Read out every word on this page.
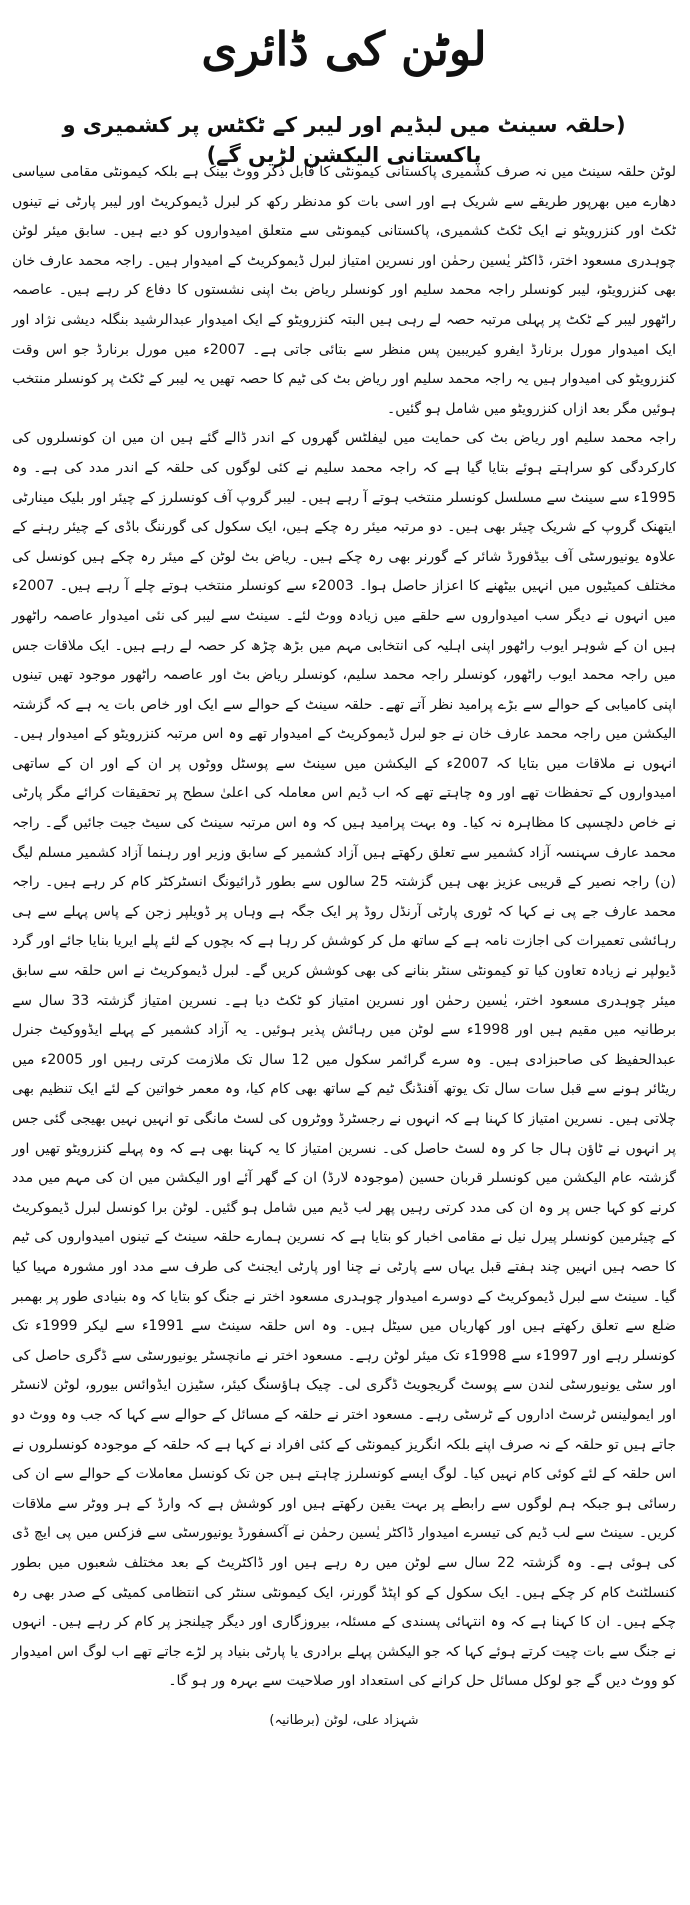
لوٹن کی ڈائری
(حلقہ سینٹ میں لبڈیم اور لیبر کے ٹکٹس پر کشمیری و پاکستانی الیکشن لڑیں گے)

لوٹن حلقہ سینٹ میں نہ صرف کشمیری پاکستانی کیمونٹی کا قابل ذکر ووٹ بینک ہے بلکہ کیمونٹی مقامی سیاسی دھارے میں بھرپور طریقے سے شریک ہے اور اسی بات کو مدنظر رکھ کر لبرل ڈیموکریٹ اور لیبر پارٹی نے تینوں ٹکٹ اور کنزرویٹو نے ایک ٹکٹ کشمیری، پاکستانی کیمونٹی سے متعلق امیدواروں کو دیے ہیں۔ سابق میئر لوٹن چوہدری مسعود اختر، ڈاکٹر یٰسین رحمٰن اور نسرین امتیاز لبرل ڈیموکریٹ کے امیدوار ہیں۔ راجہ محمد عارف خان بھی کنزرویٹو، لیبر کونسلر راجہ محمد سلیم اور کونسلر ریاض بٹ اپنی نشستوں کا دفاع کر رہے ہیں۔ عاصمہ راٹھور لیبر کے ٹکٹ پر پہلی مرتبہ حصہ لے رہی ہیں البتہ کنزرویٹو کے ایک امیدوار عبدالرشید بنگلہ دیشی نژاد اور ایک امیدوار مورل برنارڈ ایفرو کیریبین پس منظر سے بتائی جاتی ہے۔ 2007ء میں مورل برنارڈ جو اس وقت کنزرویٹو کی امیدوار ہیں یہ راجہ محمد سلیم اور ریاض بٹ کی ٹیم کا حصہ تھیں یہ لیبر کے ٹکٹ پر کونسلر منتخب ہوئیں مگر بعد ازاں کنزرویٹو میں شامل ہو گئیں۔

راجہ محمد سلیم اور ریاض بٹ کی حمایت میں لیفلٹس گھروں کے اندر ڈالے گئے ہیں ان میں ان کونسلروں کی کارکردگی کو سراہتے ہوئے بتایا گیا ہے کہ راجہ محمد سلیم نے کئی لوگوں کی حلقہ کے اندر مدد کی ہے۔ وہ 1995ء سے سینٹ سے مسلسل کونسلر منتخب ہوتے آ رہے ہیں۔ لیبر گروپ آف کونسلرز کے چیئر اور بلیک مینارٹی ایتھنک گروپ کے شریک چیئر بھی ہیں۔ دو مرتبہ میئر رہ چکے ہیں، ایک سکول کی گورننگ باڈی کے چیئر رہنے کے علاوہ یونیورسٹی آف بیڈفورڈ شائر کے گورنر بھی رہ چکے ہیں۔ ریاض بٹ لوٹن کے میئر رہ چکے ہیں کونسل کی مختلف کمیٹیوں میں انہیں بیٹھنے کا اعزاز حاصل ہوا۔ 2003ء سے کونسلر منتخب ہوتے چلے آ رہے ہیں۔ 2007ء میں انہوں نے دیگر سب امیدواروں سے حلقے میں زیادہ ووٹ لئے۔ سینٹ سے لیبر کی نئی امیدوار عاصمہ راٹھور ہیں ان کے شوہر ایوب راٹھور اپنی اہلیہ کی انتخابی مہم میں بڑھ چڑھ کر حصہ لے رہے ہیں۔ ایک ملاقات جس میں راجہ محمد ایوب راٹھور، کونسلر راجہ محمد سلیم، کونسلر ریاض بٹ اور عاصمہ راٹھور موجود تھیں تینوں اپنی کامیابی کے حوالے سے بڑے پرامید نظر آتے تھے۔ حلقہ سینٹ کے حوالے سے ایک اور خاص بات یہ ہے کہ گزشتہ الیکشن میں راجہ محمد عارف خان نے جو لبرل ڈیموکریٹ کے امیدوار تھے وہ اس مرتبہ کنزرویٹو کے امیدوار ہیں۔ انہوں نے ملاقات میں بتایا کہ 2007ء کے الیکشن میں سینٹ سے پوسٹل ووٹوں پر ان کے اور ان کے ساتھی امیدواروں کے تحفظات تھے اور وہ چاہتے تھے کہ اب ڈیم اس معاملہ کی اعلیٰ سطح پر تحقیقات کرائے مگر پارٹی نے خاص دلچسپی کا مظاہرہ نہ کیا۔ وہ بہت پرامید ہیں کہ وہ اس مرتبہ سینٹ کی سیٹ جیت جائیں گے۔ راجہ محمد عارف سہنسہ آزاد کشمیر سے تعلق رکھتے ہیں آزاد کشمیر کے سابق وزیر اور رہنما آزاد کشمیر مسلم لیگ (ن) راجہ نصیر کے قریبی عزیز بھی ہیں گزشتہ 25 سالوں سے بطور ڈرائیونگ انسٹرکٹر کام کر رہے ہیں۔ راجہ محمد عارف جے پی نے کہا کہ ٹوری پارٹی آرنڈل روڈ پر ایک جگہ ہے وہاں پر ڈویلپر زجن کے پاس پہلے سے ہی رہائشی تعمیرات کی اجازت نامہ ہے کے ساتھ مل کر کوشش کر رہا ہے کہ بچوں کے لئے پلے ایریا بنایا جائے اور گرد ڈیولپر نے زیادہ تعاون کیا تو کیمونٹی سنٹر بنانے کی بھی کوشش کریں گے۔ لبرل ڈیموکریٹ نے اس حلقہ سے سابق میئر چوہدری مسعود اختر، یٰسین رحمٰن اور نسرین امتیاز کو ٹکٹ دیا ہے۔ نسرین امتیاز گزشتہ 33 سال سے برطانیہ میں مقیم ہیں اور 1998ء سے لوٹن میں رہائش پذیر ہوئیں۔ یہ آزاد کشمیر کے پہلے ایڈووکیٹ جنرل عبدالحفیظ کی صاحبزادی ہیں۔ وہ سرے گرائمر سکول میں 12 سال تک ملازمت کرتی رہیں اور 2005ء میں ریٹائر ہونے سے قبل سات سال تک یوتھ آفنڈنگ ٹیم کے ساتھ بھی کام کیا، وہ معمر خواتین کے لئے ایک تنظیم بھی چلاتی ہیں۔ نسرین امتیاز کا کہنا ہے کہ انہوں نے رجسٹرڈ ووٹروں کی لسٹ مانگی تو انہیں نہیں بھیجی گئی جس پر انہوں نے ٹاؤن ہال جا کر وہ لسٹ حاصل کی۔ نسرین امتیاز کا یہ کہنا بھی ہے کہ وہ پہلے کنزرویٹو تھیں اور گزشتہ عام الیکشن میں کونسلر قربان حسین (موجودہ لارڈ) ان کے گھر آئے اور الیکشن میں ان کی مہم میں مدد کرنے کو کہا جس پر وہ ان کی مدد کرتی رہیں پھر لب ڈیم میں شامل ہو گئیں۔ لوٹن برا کونسل لبرل ڈیموکریٹ کے چیئرمین کونسلر پیرل نیل نے مقامی اخبار کو بتایا ہے کہ نسرین ہمارے حلقہ سینٹ کے تینوں امیدواروں کی ٹیم کا حصہ ہیں انہیں چند ہفتے قبل یہاں سے پارٹی نے چنا اور پارٹی ایجنٹ کی طرف سے مدد اور مشورہ مہیا کیا گیا۔ سینٹ سے لبرل ڈیموکریٹ کے دوسرے امیدوار چوہدری مسعود اختر نے جنگ کو بتایا کہ وہ بنیادی طور پر بھمبر ضلع سے تعلق رکھتے ہیں اور کھاریاں میں سیٹل ہیں۔ وہ اس حلقہ سینٹ سے 1991ء سے لیکر 1999ء تک کونسلر رہے اور 1997ء سے 1998ء تک میئر لوٹن رہے۔ مسعود اختر نے مانچسٹر یونیورسٹی سے ڈگری حاصل کی اور سٹی یونیورسٹی لندن سے پوسٹ گریجویٹ ڈگری لی۔ چیک ہاؤسنگ کیئر، سٹیزن ایڈوائس بیورو، لوٹن لانسٹر اور ایمولینس ٹرسٹ اداروں کے ٹرسٹی رہے۔ مسعود اختر نے حلقہ کے مسائل کے حوالے سے کہا کہ جب وہ ووٹ دو جاتے ہیں تو حلقہ کے نہ صرف اپنے بلکہ انگریز کیمونٹی کے کئی افراد نے کہا ہے کہ حلقہ کے موجودہ کونسلروں نے اس حلقہ کے لئے کوئی کام نہیں کیا۔ لوگ ایسے کونسلرز چاہتے ہیں جن تک کونسل معاملات کے حوالے سے ان کی رسائی ہو جبکہ ہم لوگوں سے رابطے پر بہت یقین رکھتے ہیں اور کوشش ہے کہ وارڈ کے ہر ووٹر سے ملاقات کریں۔ سینٹ سے لب ڈیم کی تیسرے امیدوار ڈاکٹر یٰسین رحمٰن نے آکسفورڈ یونیورسٹی سے فزکس میں پی ایچ ڈی کی ہوئی ہے۔ وہ گزشتہ 22 سال سے لوٹن میں رہ رہے ہیں اور ڈاکٹریٹ کے بعد مختلف شعبوں میں بطور کنسلٹنٹ کام کر چکے ہیں۔ ایک سکول کے کو اپٹڈ گورنر، ایک کیمونٹی سنٹر کی انتظامی کمیٹی کے صدر بھی رہ چکے ہیں۔ ان کا کہنا ہے کہ وہ انتہائی پسندی کے مسئلہ، بیروزگاری اور دیگر چیلنجز پر کام کر رہے ہیں۔ انہوں نے جنگ سے بات چیت کرتے ہوئے کہا کہ جو الیکشن پہلے برادری یا پارٹی بنیاد پر لڑے جاتے تھے اب لوگ اس امیدوار کو ووٹ دیں گے جو لوکل مسائل حل کرانے کی استعداد اور صلاحیت سے بہرہ ور ہو گا۔

شہزاد علی، لوٹن (برطانیہ)
